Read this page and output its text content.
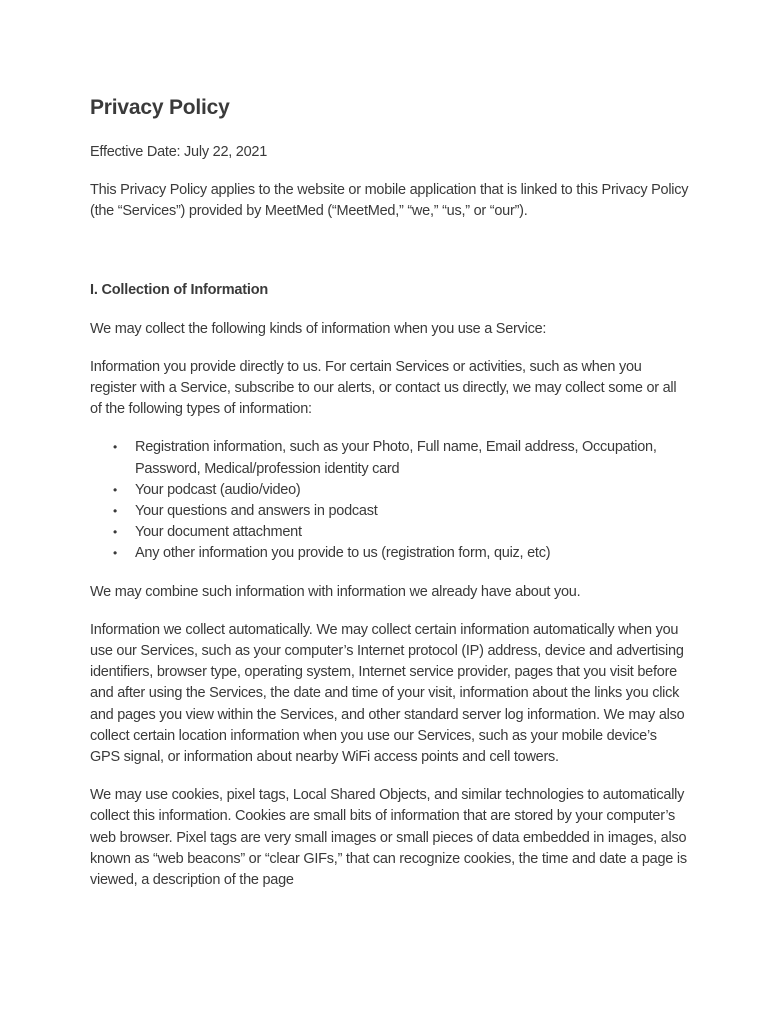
Privacy Policy

Effective Date: July 22, 2021

This Privacy Policy applies to the website or mobile application that is linked to this Privacy Policy (the “Services”) provided by MeetMed (“MeetMed,” “we,” “us,” or “our”).

I. Collection of Information

We may collect the following kinds of information when you use a Service:

Information you provide directly to us. For certain Services or activities, such as when you register with a Service, subscribe to our alerts, or contact us directly, we may collect some or all of the following types of information:

• Registration information, such as your Photo, Full name, Email address, Occupation, Password, Medical/profession identity card
• Your podcast (audio/video)
• Your questions and answers in podcast
• Your document attachment
• Any other information you provide to us (registration form, quiz, etc)

We may combine such information with information we already have about you.

Information we collect automatically. We may collect certain information automatically when you use our Services, such as your computer’s Internet protocol (IP) address, device and advertising identifiers, browser type, operating system, Internet service provider, pages that you visit before and after using the Services, the date and time of your visit, information about the links you click and pages you view within the Services, and other standard server log information. We may also collect certain location information when you use our Services, such as your mobile device’s GPS signal, or information about nearby WiFi access points and cell towers.

We may use cookies, pixel tags, Local Shared Objects, and similar technologies to automatically collect this information. Cookies are small bits of information that are stored by your computer’s web browser. Pixel tags are very small images or small pieces of data embedded in images, also known as “web beacons” or “clear GIFs,” that can recognize cookies, the time and date a page is viewed, a description of the page
